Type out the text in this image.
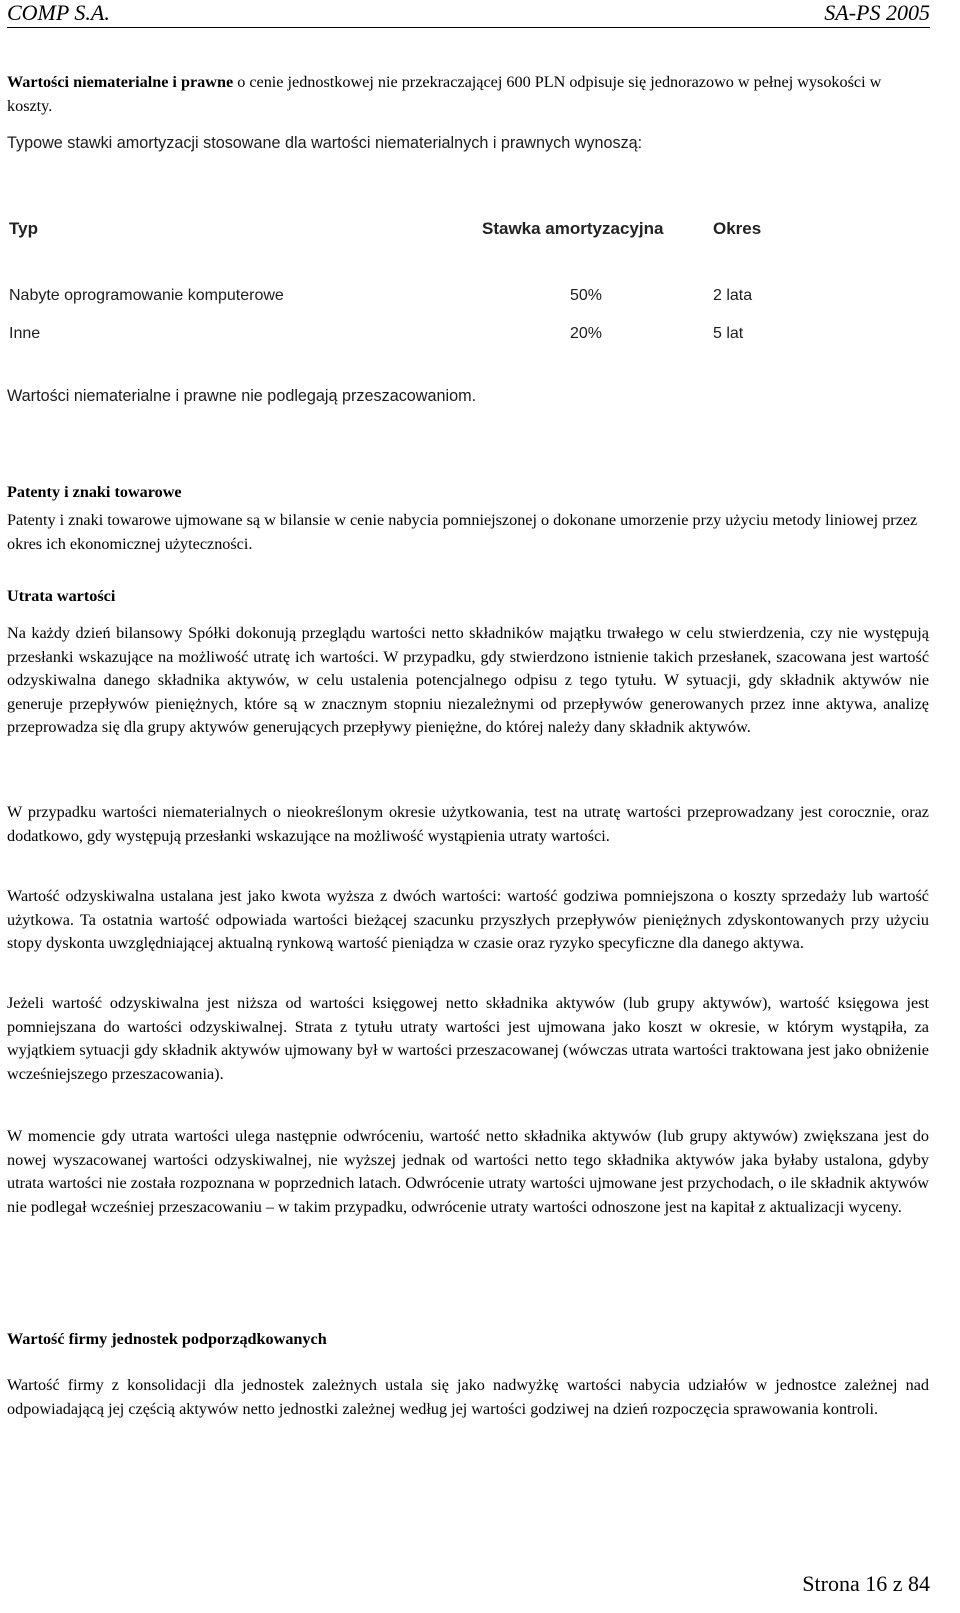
COMP S.A.	SA-PS 2005

Wartości niematerialne i prawne o cenie jednostkowej nie przekraczającej 600 PLN odpisuje się jednorazowo w pełnej wysokości w koszty.

Typowe stawki amortyzacji stosowane dla wartości niematerialnych i prawnych wynoszą:

Typ	Stawka amortyzacyjna	Okres
Nabyte oprogramowanie komputerowe	50%	2 lata
Inne	20%	5 lat

Wartości niematerialne i prawne nie podlegają przeszacowaniom.

Patenty i znaki towarowe

Patenty i znaki towarowe ujmowane są w bilansie w cenie nabycia pomniejszonej o dokonane umorzenie przy użyciu metody liniowej przez okres ich ekonomicznej użyteczności.

Utrata wartości

Na każdy dzień bilansowy Spółki dokonują przeglądu wartości netto składników majątku trwałego w celu stwierdzenia, czy nie występują przesłanki wskazujące na możliwość utratę ich wartości. W przypadku, gdy stwierdzono istnienie takich przesłanek, szacowana jest wartość odzyskiwalna danego składnika aktywów, w celu ustalenia potencjalnego odpisu z tego tytułu. W sytuacji, gdy składnik aktywów nie generuje przepływów pieniężnych, które są w znacznym stopniu niezależnymi od przepływów generowanych przez inne aktywa, analizę przeprowadza się dla grupy aktywów generujących przepływy pieniężne, do której należy dany składnik aktywów.

W przypadku wartości niematerialnych o nieokreślonym okresie użytkowania, test na utratę wartości przeprowadzany jest corocznie, oraz dodatkowo, gdy występują przesłanki wskazujące na możliwość wystąpienia utraty wartości.

Wartość odzyskiwalna ustalana jest jako kwota wyższa z dwóch wartości: wartość godziwa pomniejszona o koszty sprzedaży lub wartość użytkowa. Ta ostatnia wartość odpowiada wartości bieżącej szacunku przyszłych przepływów pieniężnych zdyskontowanych przy użyciu stopy dyskonta uwzględniającej aktualną rynkową wartość pieniądza w czasie oraz ryzyko specyficzne dla danego aktywa.

Jeżeli wartość odzyskiwalna jest niższa od wartości księgowej netto składnika aktywów (lub grupy aktywów), wartość księgowa jest pomniejszana do wartości odzyskiwalnej. Strata z tytułu utraty wartości jest ujmowana jako koszt w okresie, w którym wystąpiła, za wyjątkiem sytuacji gdy składnik aktywów ujmowany był w wartości przeszacowanej (wówczas utrata wartości traktowana jest jako obniżenie wcześniejszego przeszacowania).

W momencie gdy utrata wartości ulega następnie odwróceniu, wartość netto składnika aktywów (lub grupy aktywów) zwiększana jest do nowej wyszacowanej wartości odzyskiwalnej, nie wyższej jednak od wartości netto tego składnika aktywów jaka byłaby ustalona, gdyby utrata wartości nie została rozpoznana w poprzednich latach. Odwrócenie utraty wartości ujmowane jest przychodach, o ile składnik aktywów nie podlegał wcześniej przeszacowaniu – w takim przypadku, odwrócenie utraty wartości odnoszone jest na kapitał z aktualizacji wyceny.

Wartość firmy jednostek podporządkowanych

Wartość firmy z konsolidacji dla jednostek zależnych ustala się jako nadwyżkę wartości nabycia udziałów w jednostce zależnej nad odpowiadającą jej częścią aktywów netto jednostki zależnej według jej wartości godziwej na dzień rozpoczęcia sprawowania kontroli.

Strona 16 z 84
